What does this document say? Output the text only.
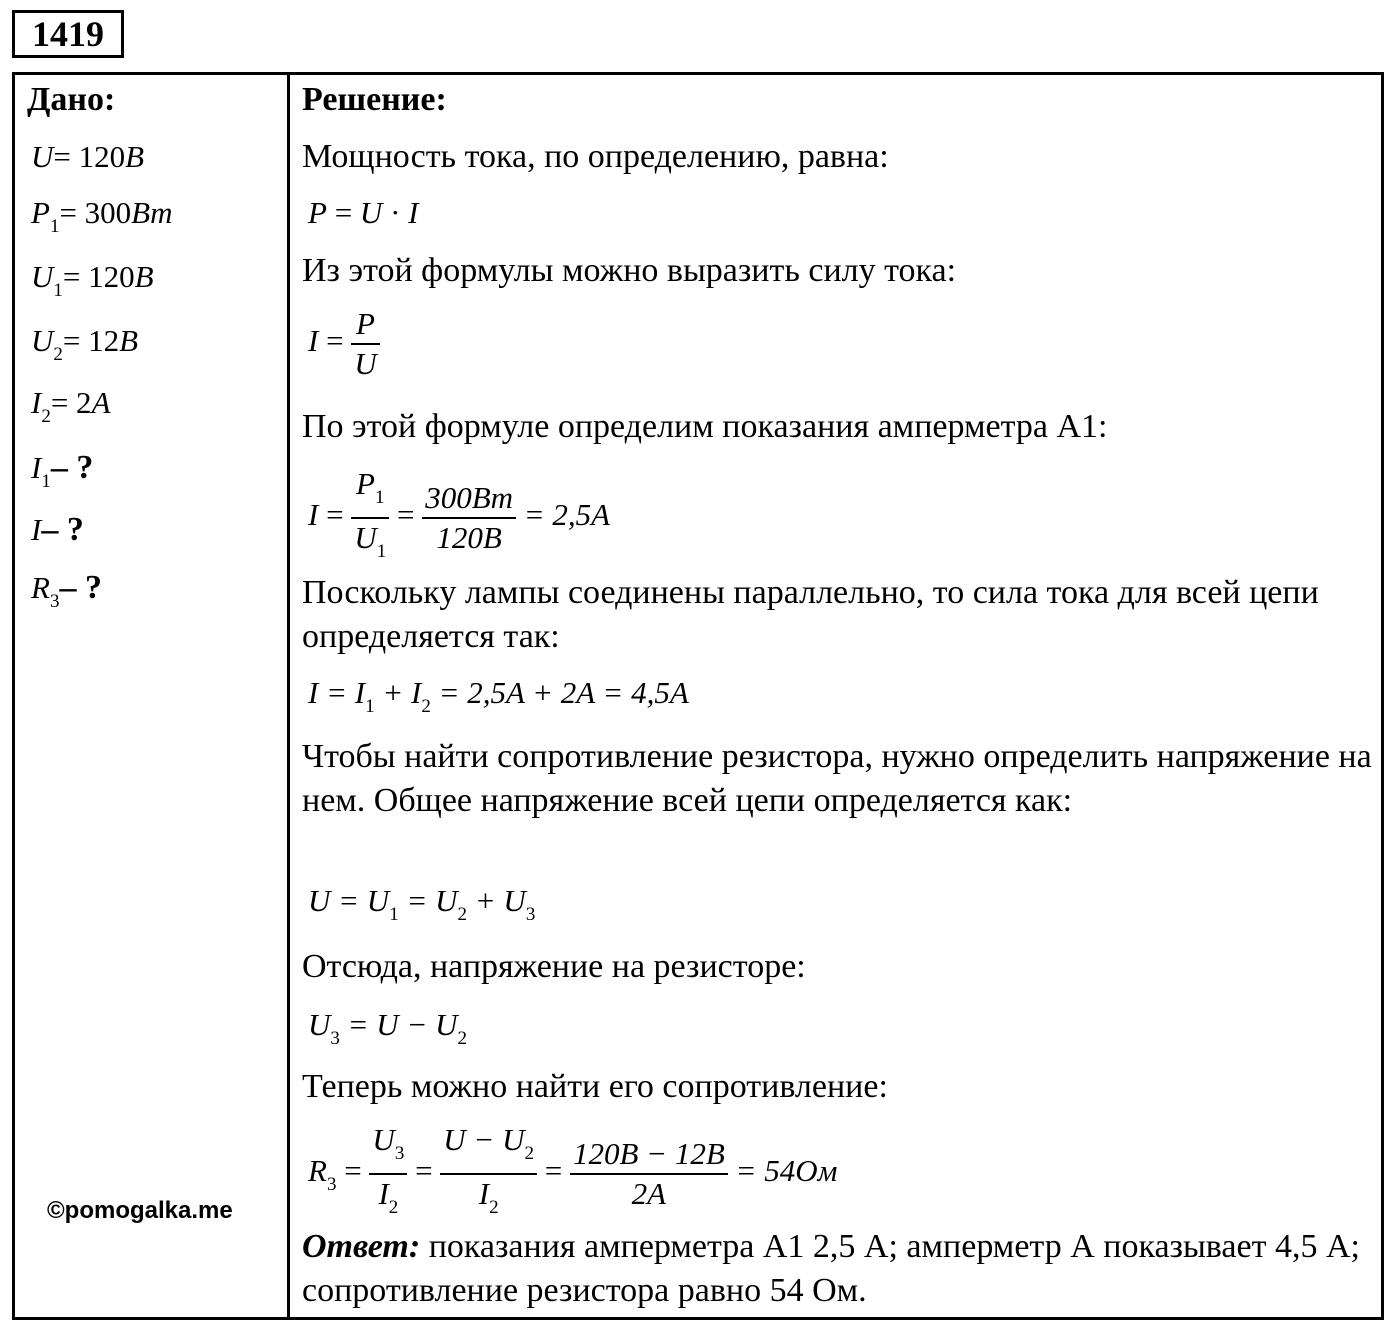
1419
Дано:
U= 120B
$P_1= 300Bm$
$U_1= 120B$
$U_2= 12B$
$I_2= 2A$
$I_1-$ ?
I– ?
$R_3-$ ?
©pomogalka.me
Решение:
Мощность тока, по определению, равна:
P = U · I
Из этой формулы можно выразить силу тока:
$I = \frac{P}{U}$
По этой формуле определим показания амперметра А1:
$I = \frac{P_1}{U_1} = \frac{300Bm}{120B} = 2,5A$
Поскольку лампы соединены параллельно, то сила тока для всей цепи определяется так:
$I = I_1 + I_2 = 2,5A + 2A = 4,5A$
Чтобы найти сопротивление резистора, нужно определить напряжение на нем. Общее напряжение всей цепи определяется как:
$U = U_1 = U_2 + U_3$
Отсюда, напряжение на резисторе:
$U_3 = U - U_2$
Теперь можно найти его сопротивление:
$R_3 = \frac{U_3}{I_2} = \frac{U - U_2}{I_2} = \frac{120B - 12B}{2A} = 54Ом$
Ответ: показания амперметра А1 2,5 А; амперметр А показывает 4,5 А; сопротивление резистора равно 54 Ом.
